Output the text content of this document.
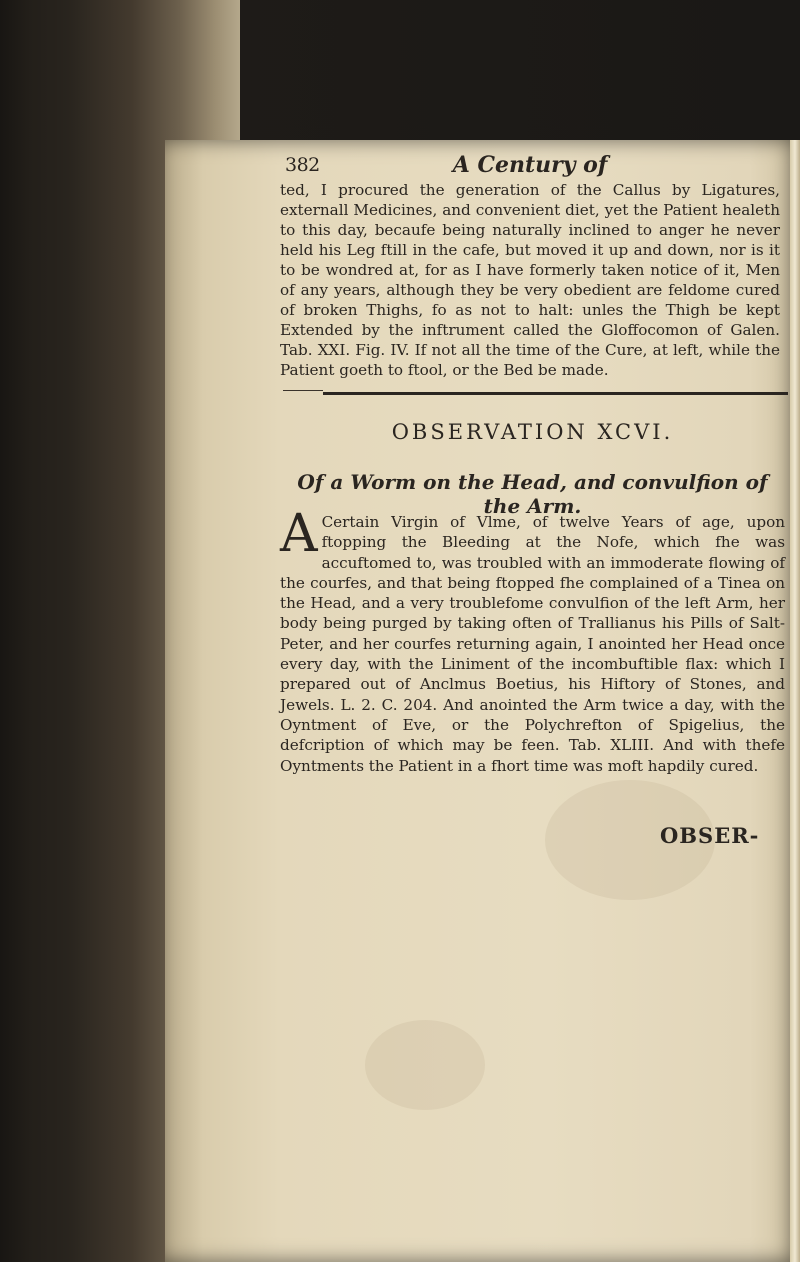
382	A Century of
ted, I procured the generation of the Callus by Ligatures, externall Medicines, and convenient diet, yet the Patient healeth to this day, becaufe being naturally inclined to anger he never held his Leg ftill in the cafe, but moved it up and down, nor is it to be wondred at, for as I have formerly taken notice of it, Men of any years, although they be very obedient are feldome cured of broken Thighs, fo as not to halt: unles the Thigh be kept Extended by the inftrument called the Gloffocomon of Galen. Tab. XXI. Fig. IV. If not all the time of the Cure, at left, while the Patient goeth to ftool, or the Bed be made.
OBSERVATION XCVI.
Of a Worm on the Head, and convulfion of the Arm.
A Certain Virgin of Vlme, of twelve Years of age, upon ftopping the Bleeding at the Nofe, which fhe was accuftomed to, was troubled with an immoderate flowing of the courfes, and that being ftopped fhe complained of a Tinea on the Head, and a very troublefome convulfion of the left Arm, her body being purged by taking often of Trallianus his Pills of Salt-Peter, and her courfes returning again, I anointed her Head once every day, with the Liniment of the incombuftible flax: which I prepared out of Anclmus Boetius, his Hiftory of Stones, and Jewels. L. 2. C. 204. And anointed the Arm twice a day, with the Oyntment of Eve, or the Polychrefton of Spigelius, the defcription of which may be feen. Tab. XLIII. And with thefe Oyntments the Patient in a fhort time was moft hapdily cured.
OBSER-
